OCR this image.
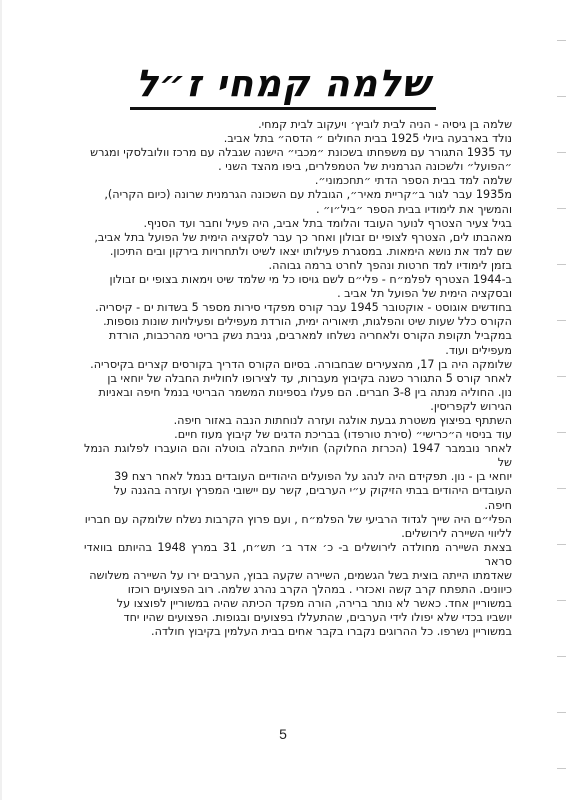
שלמה קמחי ז״ל

שלמה בן גיסיה - הניה לבית לוביץ׳ ויעקוב לבית קמחי.

נולד בארבעה ביולי 1925 בבית החולים ״ הדסה״ בתל אביב.

עד 1935 התגורר עם משפחתו בשכונת ״מכבי״ הישנה שגבלה עם מרכז וולובלסקי ומגרש

״הפועל״ ולשכונה הגרמנית של הטמפלרים, ביפו מהצד השני .

שלמה למד בבית הספר הדתי ״תחכמוני״.

מ1935 עבר לגור ב״קריית מאיר״, הגובלת עם השכונה הגרמנית שרונה (כיום הקריה),

והמשיך את לימודיו בבית הספר ״ביל״ו״ .

בגיל צעיר הצטרף לנוער העובד והלומד בתל אביב, היה פעיל וחבר ועד הסניף.

מאהבתו לים, הצטרף לצופי ים זבולון ואחר כך עבר לסקציה הימית של הפועל בתל אביב,

שם למד את נושא הימאות. במסגרת פעילותו יצאו לשיט ולתחרויות בירקון ובים התיכון.

בזמן לימודיו למד חרטות ונהפך לחרט ברמה גבוהה.

ב-1944 הצטרף לפלמ״ח - פלי״ם לשם גויסו כל מי שלמד שיט וימאות בצופי ים זבולון

ובסקציה הימית של הפועל תל אביב .

בחודשים אוגוסט - אוקטובר 1945 עבר קורס מפקדי סירות מספר 5 בשדות ים - קיסריה.

הקורס כלל שעות שיט והפלגות, תיאוריה ימית, הורדת מעפילים ופעילויות שונות נוספות.

במקביל תקופת הקורס ולאחריה נשלחו למארבים, גניבת נשק בריטי מהרכבות, הורדת

מעפילים ועוד.

שלומקה היה בן 17, מהצעירים שבחבורה. בסיום הקורס הדריך בקורסים קצרים בקיסריה.

לאחר קורס 5 התגורר כשנה בקיבוץ מעברות, עד לצירופו לחוליית החבלה של יוחאי בן

נון. החוליה מנתה בין 3-8 חברים. הם פעלו בספינות המשמר הבריטי בנמל חיפה ובאניות

הגירוש לקפריסין.

השתתף בפיצוץ משטרת גבעת אולגה ועזרה לנוחתות הנבה באזור חיפה.

עוד בניסוי ה״כרישי״ (סירת טורפדו) בבריכת הדגים של קיבוץ מעוז חיים.

לאחר נובמבר 1947 (הכרזת החלוקה) חוליית החבלה בוטלה והם הועברו לפלוגת הנמל של

יוחאי בן - נון. תפקידם היה לנהג על הפועלים היהודיים העובדים בנמל לאחר רצח 39

העובדים היהודים בבתי הזיקוק ע״י הערבים, קשר עם יישובי המפרץ ועזרה בהגנה על

חיפה.

הפלי״ם היה שייך לגדוד הרביעי של הפלמ״ח , ועם פרוץ הקרבות נשלח שלומקה עם חבריו

לליווי השיירה לירושלים.

בצאת השיירה מחולדה לירושלים ב- כ׳ אדר ב׳ תש״ח, 31 במרץ 1948 בהיותם בוואדי סראר

שאדמתו הייתה בוצית בשל הגשמים, השיירה שקעה בבוץ, הערבים ירו על השיירה משלושה

כיוונים. התפתח קרב קשה ואכזרי . במהלך הקרב נהרג שלמה. רוב הפצועים רוכזו

במשוריין אחד. כאשר לא נותר ברירה, הורה מפקד הכיתה שהיה במשוריין לפוצצו על

יושביו בכדי שלא יפולו לידי הערבים, שהתעללו בפצועים ובגופות. הפצועים שהיו יחד

במשוריין נשרפו. כל ההרוגים נקברו בקבר אחים בבית העלמין בקיבוץ חולדה.

5
